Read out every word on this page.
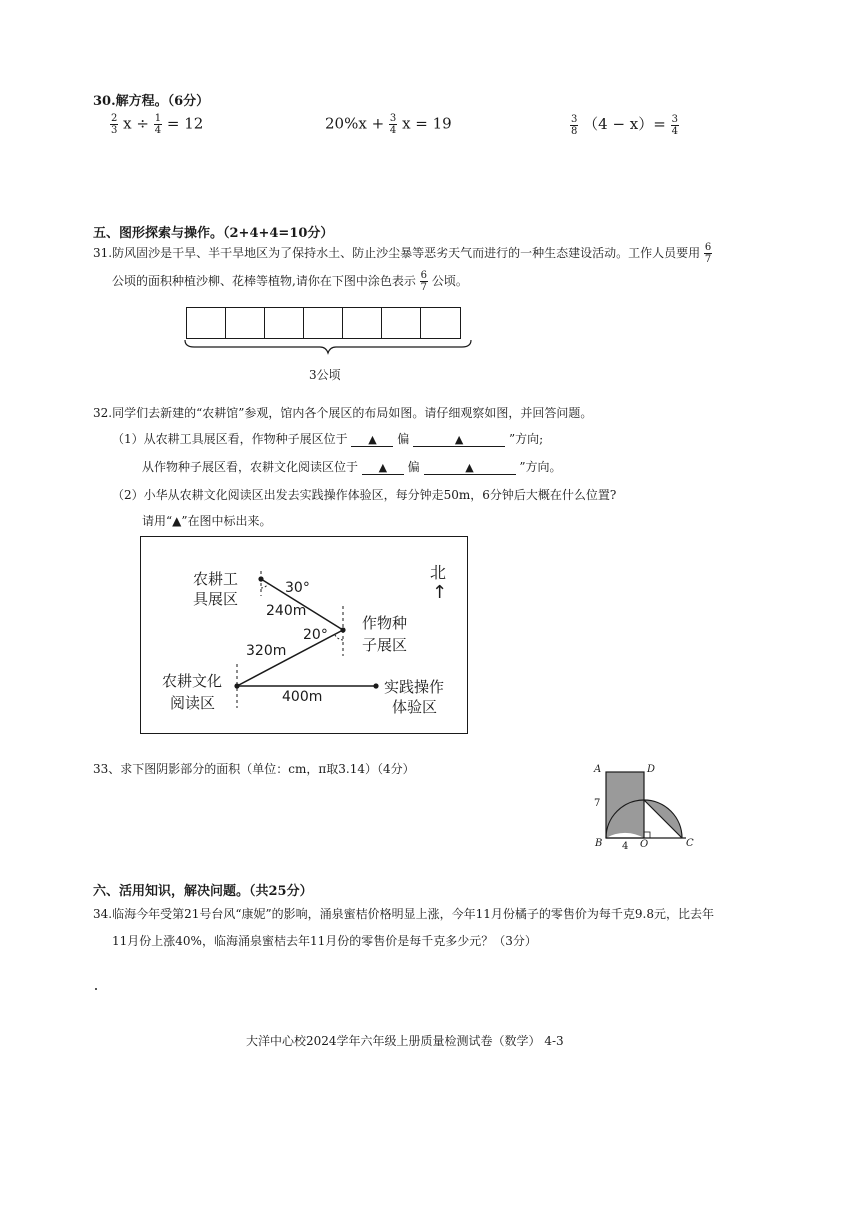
30.解方程。（6分）
$\frac{2}{3}$ $x \div \frac{1}{4} = 12$	$20\%x + \frac{3}{4}$ x = 19	$\frac{3}{8} (4 - x)= \frac{3}{4}$
五、图形探索与操作。（2+4+4=10分）
31.防风固沙是干旱、半干旱地区为了保持水土、防止沙尘暴等恶劣天气而进行的一种生态建设活动。工作人员要用 $\frac{6}{7}$
公顷的面积种植沙柳、花棒等植物,请你在下图中涂色表示 $\frac{6}{7}$ 公顷。
3公顷
32.同学们去新建的“农耕馆”参观，馆内各个展区的布局如图。请仔细观察如图，并回答问题。
（1）从农耕工具展区看，作物种子展区位于 ▲ 偏	▲	”方向;
从作物种子展区看，农耕文化阅读区位于 ▲ 偏	▲	”方向。
（2）小华从农耕文化阅读区出发去实践操作体验区，每分钟走50m，6分钟后大概在什么位置?
请用“▲”在图中标出来。
农耕工
具展区
30°
240m
作物种
子展区
20°
320m
农耕文化
阅读区	400m
实践操作
体验区
北
↑
33、求下图阴影部分的面积（单位：cm，π取3.14）（4分）	A	D
7
B 4 O	C
六、活用知识，解决问题。（共25分）
34.临海今年受第21号台风“康妮”的影响，涌泉蜜桔价格明显上涨，今年11月份橘子的零售价为每千克9.8元，比去年
11月份上涨40%，临海涌泉蜜桔去年11月份的零售价是每千克多少元？（3分）
大洋中心校2024学年六年级上册质量检测试卷（数学） 4-3
